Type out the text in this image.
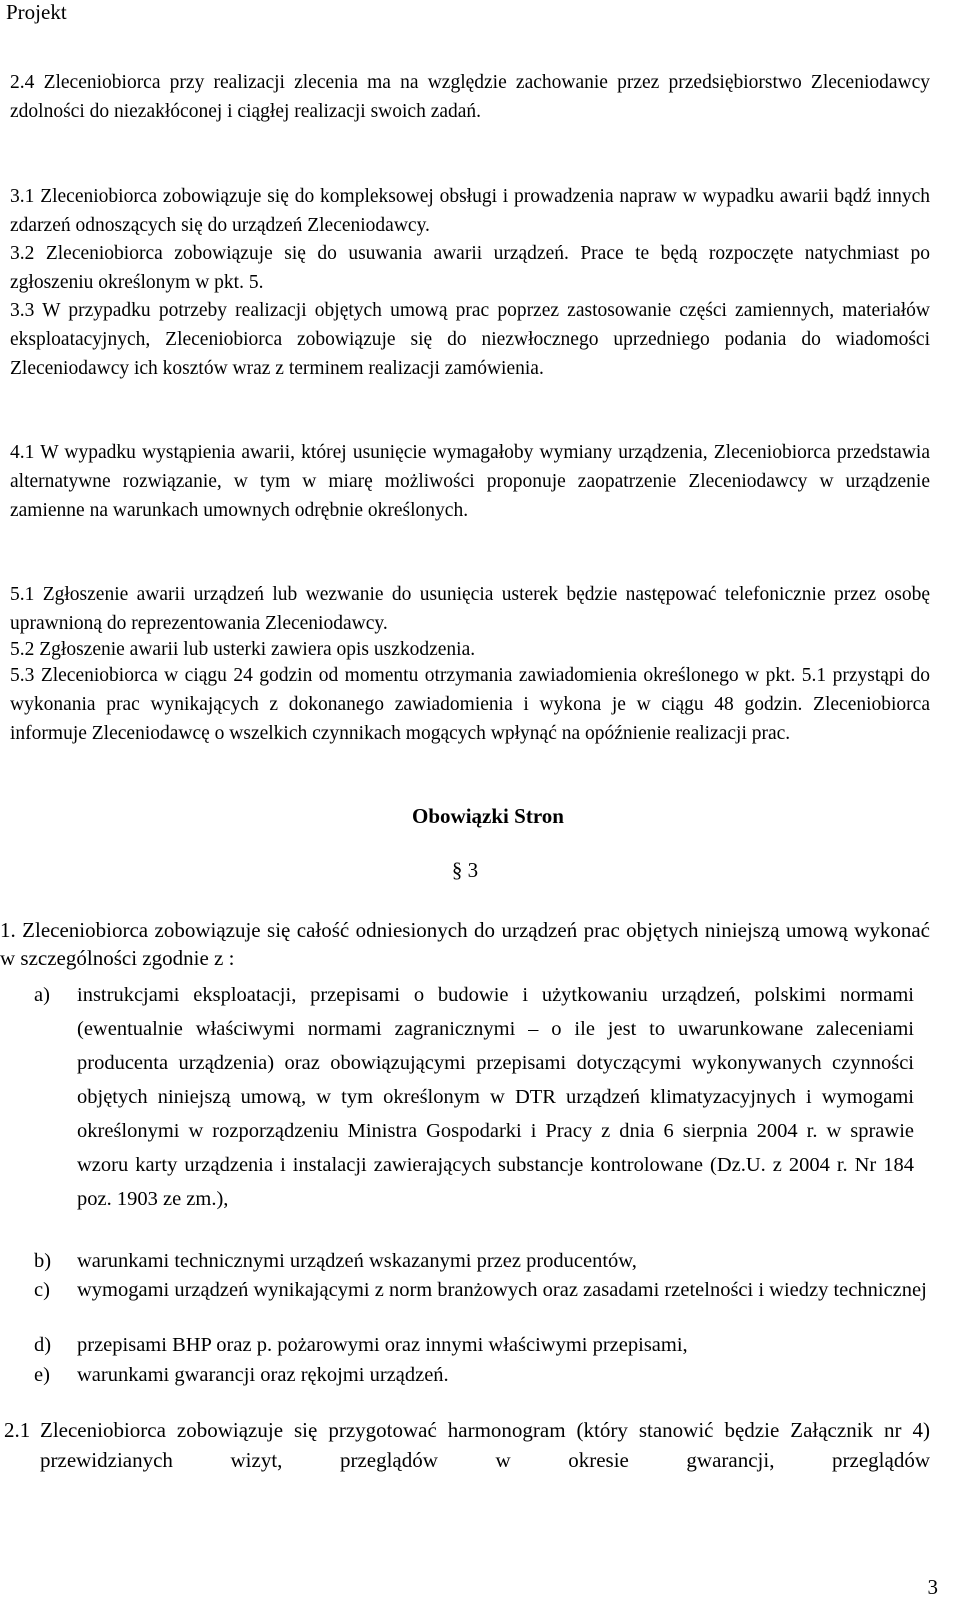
Projekt
2.4 Zleceniobiorca przy realizacji zlecenia ma na względzie zachowanie przez przedsiębiorstwo Zleceniodawcy zdolności do niezakłóconej i ciągłej realizacji swoich zadań.
3.1 Zleceniobiorca zobowiązuje się do kompleksowej obsługi i prowadzenia napraw w wypadku awarii bądź innych zdarzeń odnoszących się do urządzeń Zleceniodawcy.
3.2 Zleceniobiorca zobowiązuje się do usuwania awarii urządzeń. Prace te będą rozpoczęte natychmiast po zgłoszeniu określonym w pkt. 5.
3.3 W przypadku potrzeby realizacji objętych umową prac poprzez zastosowanie części zamiennych, materiałów eksploatacyjnych, Zleceniobiorca zobowiązuje się do niezwłocznego uprzedniego podania do wiadomości Zleceniodawcy ich kosztów wraz z terminem realizacji zamówienia.
4.1 W wypadku wystąpienia awarii, której usunięcie wymagałoby wymiany urządzenia, Zleceniobiorca przedstawia alternatywne rozwiązanie, w tym w miarę możliwości proponuje zaopatrzenie Zleceniodawcy w urządzenie zamienne na warunkach umownych odrębnie określonych.
5.1 Zgłoszenie awarii urządzeń lub wezwanie do usunięcia usterek będzie następować telefonicznie przez osobę uprawnioną do reprezentowania Zleceniodawcy.
5.2 Zgłoszenie awarii lub usterki zawiera opis uszkodzenia.
5.3 Zleceniobiorca w ciągu 24 godzin od momentu otrzymania zawiadomienia określonego w pkt. 5.1 przystąpi do wykonania prac wynikających z dokonanego zawiadomienia i wykona je w ciągu 48 godzin. Zleceniobiorca informuje Zleceniodawcę o wszelkich czynnikach mogących wpłynąć na opóźnienie realizacji prac.
Obowiązki Stron
§ 3
1. Zleceniobiorca zobowiązuje się całość odniesionych do urządzeń prac objętych niniejszą umową wykonać w szczególności zgodnie z :
a) instrukcjami eksploatacji, przepisami o budowie i użytkowaniu urządzeń, polskimi normami (ewentualnie właściwymi normami zagranicznymi – o ile jest to uwarunkowane zaleceniami producenta urządzenia) oraz obowiązującymi przepisami dotyczącymi wykonywanych czynności objętych niniejszą umową, w tym określonym w DTR urządzeń klimatyzacyjnych i wymogami określonymi w rozporządzeniu Ministra Gospodarki i Pracy z dnia 6 sierpnia 2004 r. w sprawie wzoru karty urządzenia i instalacji zawierających substancje kontrolowane (Dz.U. z 2004 r. Nr 184 poz. 1903 ze zm.),
b) warunkami technicznymi urządzeń wskazanymi przez producentów,
c) wymogami urządzeń wynikającymi z norm branżowych oraz zasadami rzetelności i wiedzy technicznej
d) przepisami BHP oraz p. pożarowymi oraz innymi właściwymi przepisami,
e) warunkami gwarancji oraz rękojmi urządzeń.
2.1 Zleceniobiorca zobowiązuje się przygotować harmonogram (który stanowić będzie Załącznik nr 4) przewidzianych wizyt, przeglądów w okresie gwarancji, przeglądów
3
